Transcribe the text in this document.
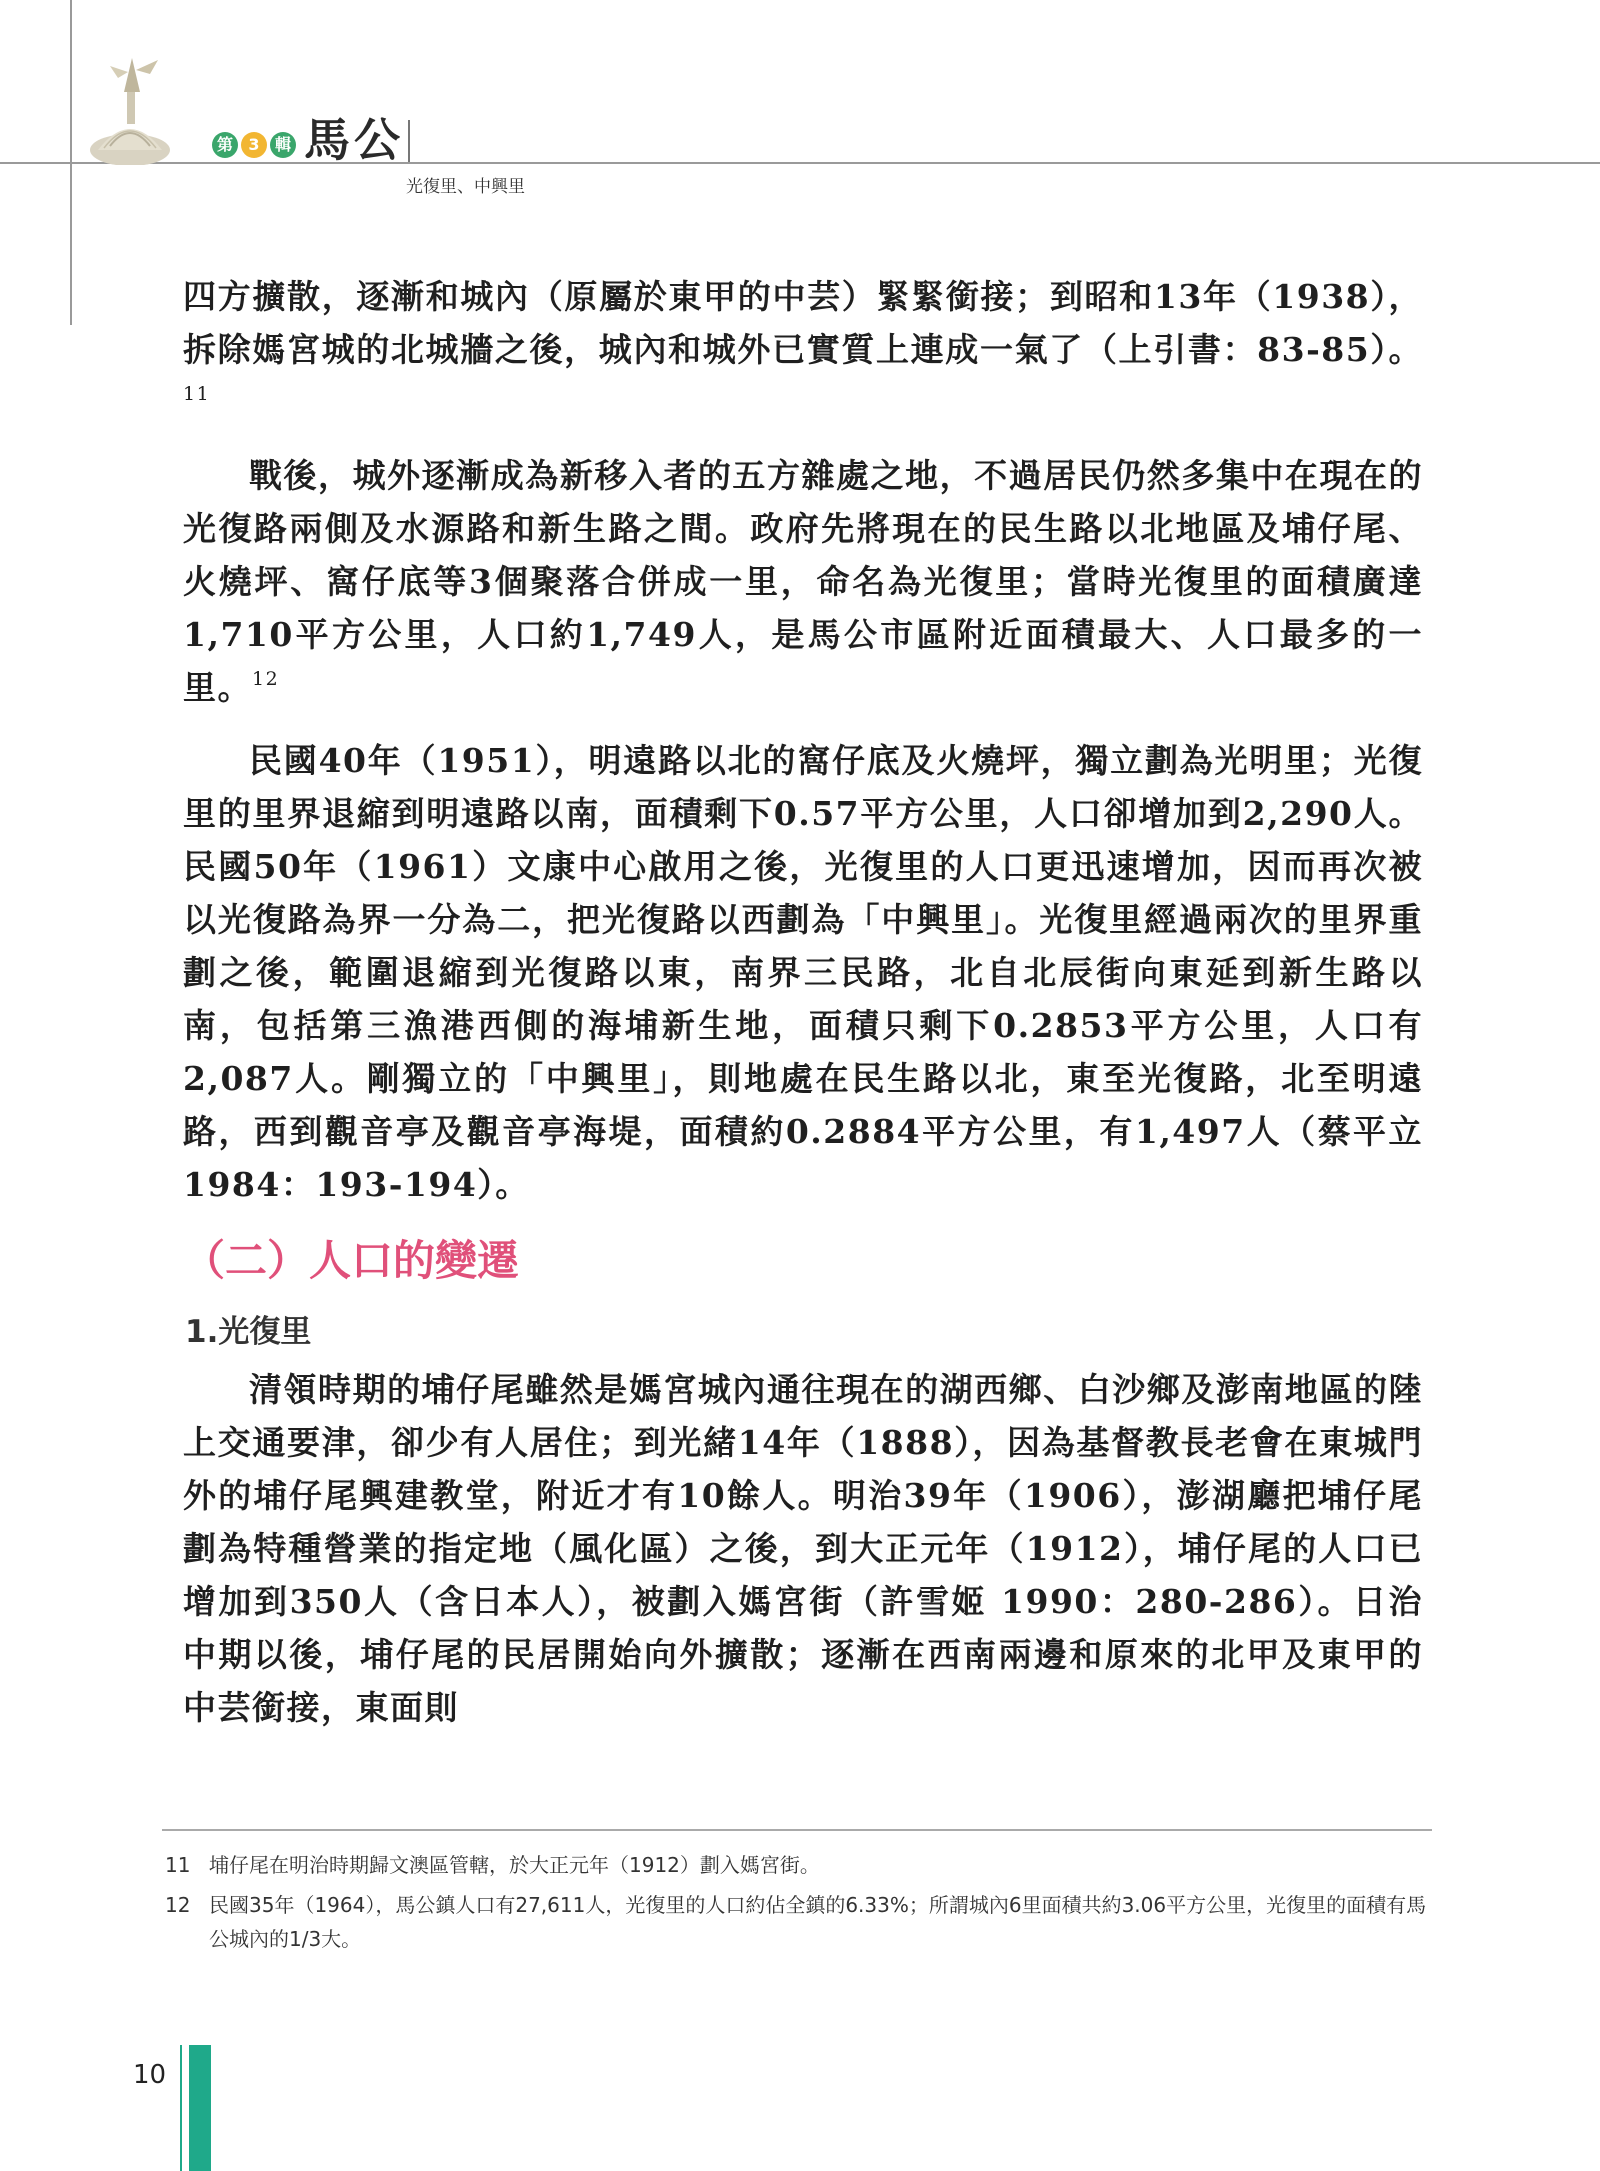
第 3 輯 馬公
光復里、中興里

四方擴散，逐漸和城內（原屬於東甲的中芸）緊緊銜接；到昭和13年（1938），拆除媽宮城的北城牆之後，城內和城外已實質上連成一氣了（上引書：83-85）。$^{11}$

戰後，城外逐漸成為新移入者的五方雜處之地，不過居民仍然多集中在現在的光復路兩側及水源路和新生路之間。政府先將現在的民生路以北地區及埔仔尾、火燒坪、窩仔底等3個聚落合併成一里，命名為光復里；當時光復里的面積廣達1,710平方公里，人口約1,749人，是馬公市區附近面積最大、人口最多的一里。$^{12}$

民國40年（1951），明遠路以北的窩仔底及火燒坪，獨立劃為光明里；光復里的里界退縮到明遠路以南，面積剩下0.57平方公里，人口卻增加到2,290人。民國50年（1961）文康中心啟用之後，光復里的人口更迅速增加，因而再次被以光復路為界一分為二，把光復路以西劃為「中興里」。光復里經過兩次的里界重劃之後，範圍退縮到光復路以東，南界三民路，北自北辰街向東延到新生路以南，包括第三漁港西側的海埔新生地，面積只剩下0.2853平方公里，人口有2,087人。剛獨立的「中興里」，則地處在民生路以北，東至光復路，北至明遠路，西到觀音亭及觀音亭海堤，面積約0.2884平方公里，有1,497人（蔡平立 1984：193-194）。

（二）人口的變遷
1.光復里

清領時期的埔仔尾雖然是媽宮城內通往現在的湖西鄉、白沙鄉及澎南地區的陸上交通要津，卻少有人居住；到光緒14年（1888），因為基督教長老會在東城門外的埔仔尾興建教堂，附近才有10餘人。明治39年（1906），澎湖廳把埔仔尾劃為特種營業的指定地（風化區）之後，到大正元年（1912），埔仔尾的人口已增加到350人（含日本人），被劃入媽宮街（許雪姬 1990：280-286）。日治中期以後，埔仔尾的民居開始向外擴散；逐漸在西南兩邊和原來的北甲及東甲的中芸銜接，東面則

11 埔仔尾在明治時期歸文澳區管轄，於大正元年（1912）劃入媽宮街。

12 民國35年（1964），馬公鎮人口有27,611人，光復里的人口約佔全鎮的6.33%；所謂城內6里面積共約3.06平方公里，光復里的面積有馬公城內的1/3大。

10
